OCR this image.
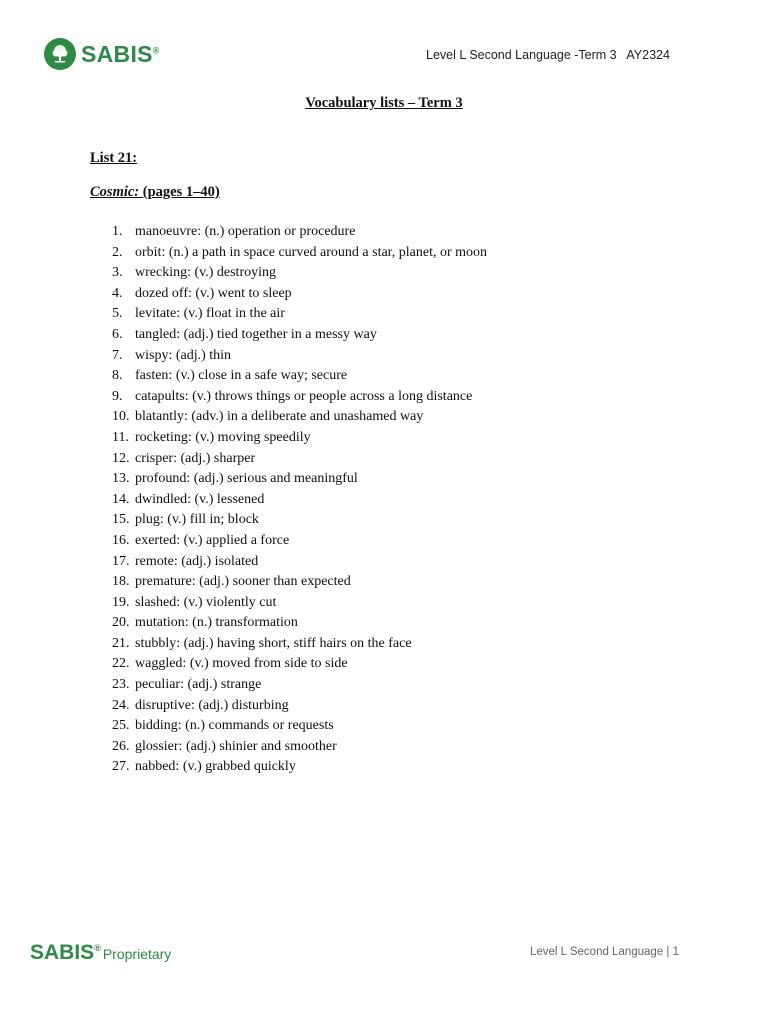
SABIS®	Level L Second Language -Term 3   AY2324
Vocabulary lists – Term 3
List 21:
Cosmic: (pages 1–40)
1. manoeuvre: (n.) operation or procedure
2. orbit: (n.) a path in space curved around a star, planet, or moon
3. wrecking: (v.) destroying
4. dozed off: (v.) went to sleep
5. levitate: (v.) float in the air
6. tangled: (adj.) tied together in a messy way
7. wispy: (adj.) thin
8. fasten: (v.) close in a safe way; secure
9. catapults: (v.) throws things or people across a long distance
10. blatantly: (adv.) in a deliberate and unashamed way
11. rocketing: (v.) moving speedily
12. crisper: (adj.) sharper
13. profound: (adj.) serious and meaningful
14. dwindled: (v.) lessened
15. plug: (v.) fill in; block
16. exerted: (v.) applied a force
17. remote: (adj.) isolated
18. premature: (adj.) sooner than expected
19. slashed: (v.) violently cut
20. mutation: (n.) transformation
21. stubbly: (adj.) having short, stiff hairs on the face
22. waggled: (v.) moved from side to side
23. peculiar: (adj.) strange
24. disruptive: (adj.) disturbing
25. bidding: (n.) commands or requests
26. glossier: (adj.) shinier and smoother
27. nabbed: (v.) grabbed quickly
SABIS® Proprietary	Level L Second Language | 1
